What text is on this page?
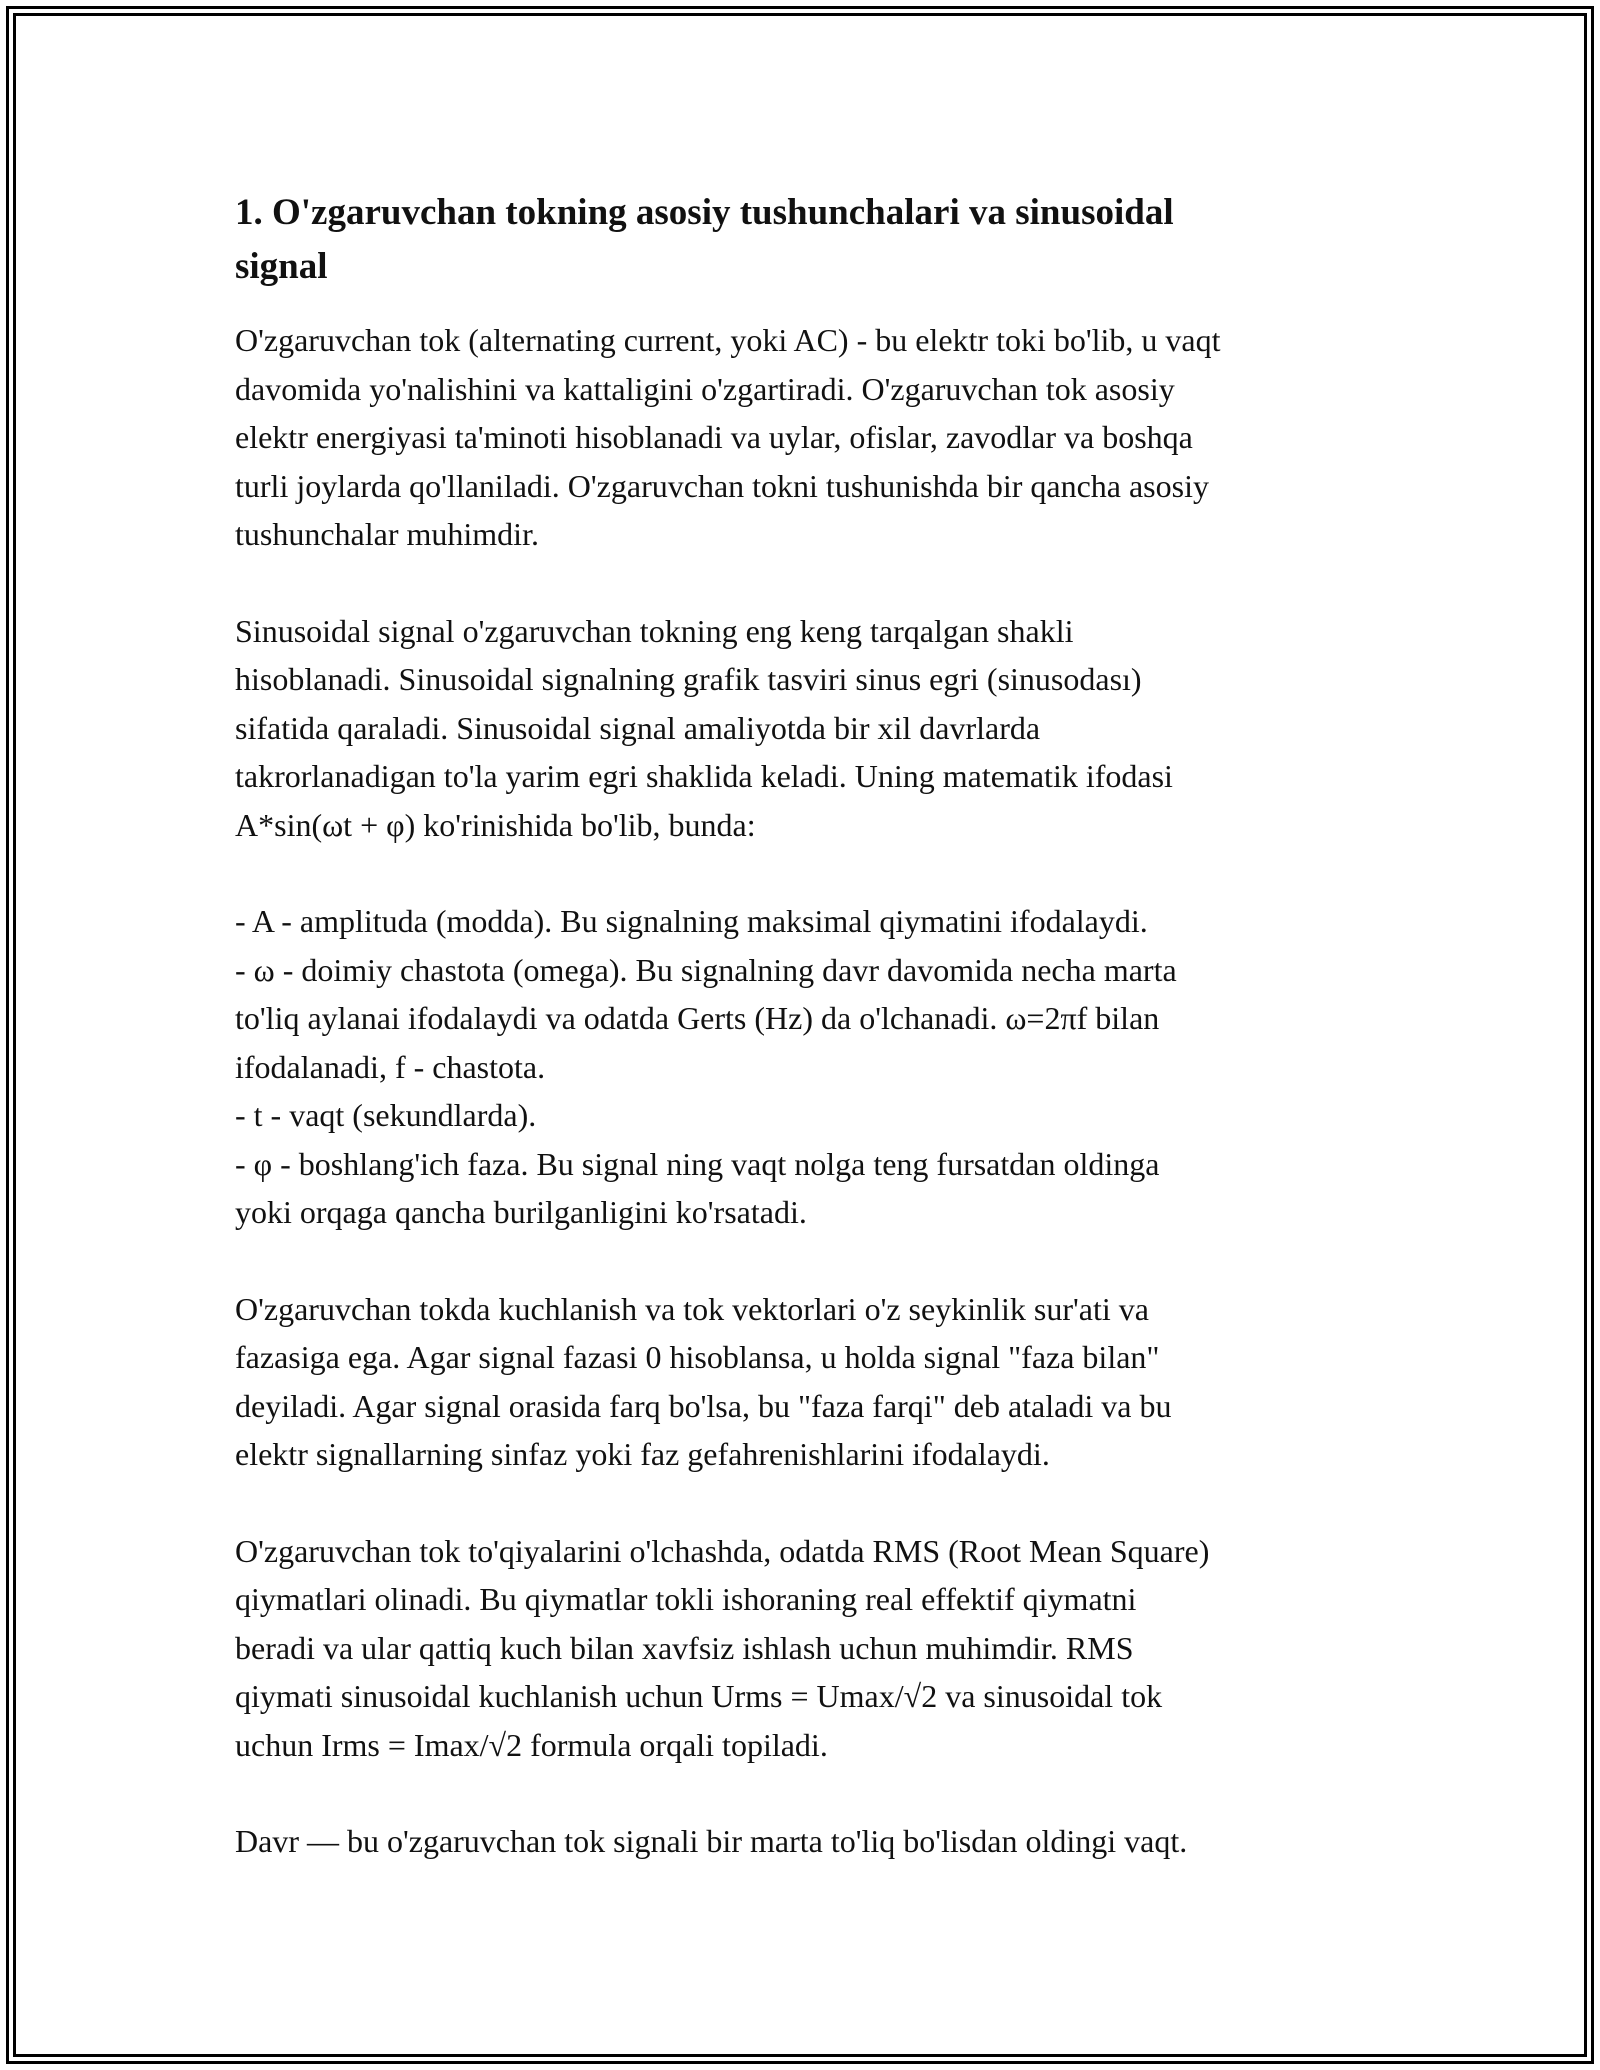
1. O'zgaruvchan tokning asosiy tushunchalari va sinusoidal
signal

O'zgaruvchan tok (alternating current, yoki AC) - bu elektr toki bo'lib, u vaqt
davomida yo'nalishini va kattaligini o'zgartiradi. O'zgaruvchan tok asosiy
elektr energiyasi ta'minoti hisoblanadi va uylar, ofislar, zavodlar va boshqa
turli joylarda qo'llaniladi. O'zgaruvchan tokni tushunishda bir qancha asosiy
tushunchalar muhimdir.

Sinusoidal signal o'zgaruvchan tokning eng keng tarqalgan shakli
hisoblanadi. Sinusoidal signalning grafik tasviri sinus egri (sinusodası)
sifatida qaraladi. Sinusoidal signal amaliyotda bir xil davrlarda
takrorlanadigan to'la yarim egri shaklida keladi. Uning matematik ifodasi
A*sin(ωt + φ) ko'rinishida bo'lib, bunda:

- A - amplituda (modda). Bu signalning maksimal qiymatini ifodalaydi.
- ω - doimiy chastota (omega). Bu signalning davr davomida necha marta
to'liq aylanai ifodalaydi va odatda Gerts (Hz) da o'lchanadi. ω=2πf bilan
ifodalanadi, f - chastota.
- t - vaqt (sekundlarda).
- φ - boshlang'ich faza. Bu signal ning vaqt nolga teng fursatdan oldinga
yoki orqaga qancha burilganligini ko'rsatadi.

O'zgaruvchan tokda kuchlanish va tok vektorlari o'z seykinlik sur'ati va
fazasiga ega. Agar signal fazasi 0 hisoblansa, u holda signal "faza bilan"
deyiladi. Agar signal orasida farq bo'lsa, bu "faza farqi" deb ataladi va bu
elektr signallarning sinfaz yoki faz gefahrenishlarini ifodalaydi.

O'zgaruvchan tok to'qiyalarini o'lchashda, odatda RMS (Root Mean Square)
qiymatlari olinadi. Bu qiymatlar tokli ishoraning real effektif qiymatni
beradi va ular qattiq kuch bilan xavfsiz ishlash uchun muhimdir. RMS
qiymati sinusoidal kuchlanish uchun Urms = Umax/√2 va sinusoidal tok
uchun Irms = Imax/√2 formula orqali topiladi.

Davr — bu o'zgaruvchan tok signali bir marta to'liq bo'lisdan oldingi vaqt.
